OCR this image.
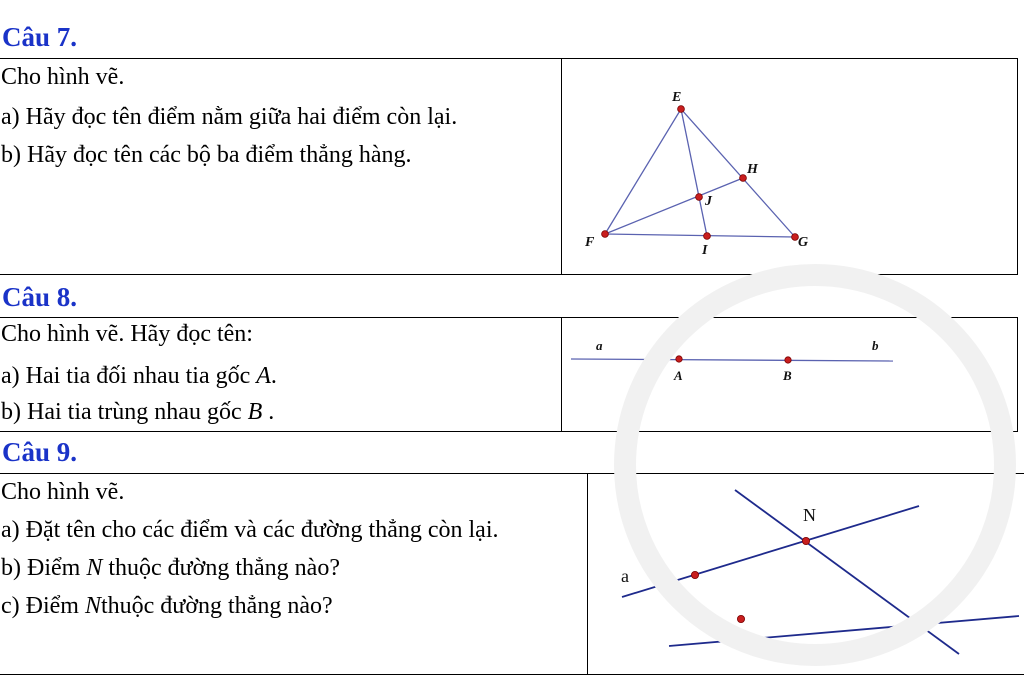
Câu 7.

Cho hình vẽ.

a) Hãy đọc tên điểm nằm giữa hai điểm còn lại.

b) Hãy đọc tên các bộ ba điểm thẳng hàng.

E
H
J
F
I
G
Câu 8.

Cho hình vẽ. Hãy đọc tên:

a) Hai tia đối nhau tia gốc A.

b) Hai tia trùng nhau gốc B .

a	b
A	B
Câu 9.

Cho hình vẽ.

a) Đặt tên cho các điểm và các đường thẳng còn lại.

b) Điểm N thuộc đường thẳng nào?

c) Điểm Nthuộc đường thẳng nào?

N
a
